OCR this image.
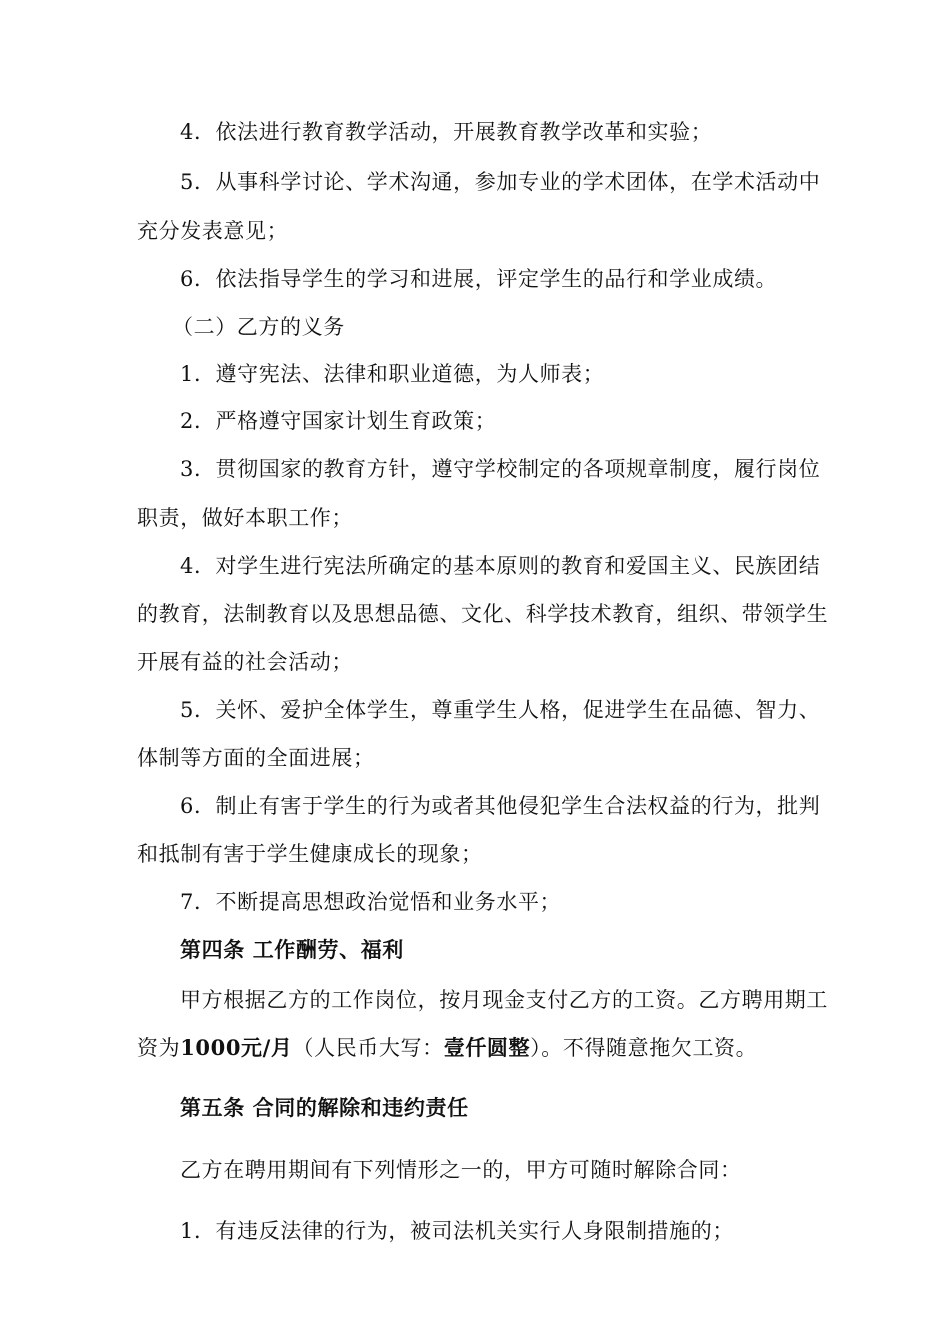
4．依法进行教育教学活动，开展教育教学改革和实验；
5．从事科学讨论、学术沟通，参加专业的学术团体，在学术活动中
充分发表意见；
6．依法指导学生的学习和进展，评定学生的品行和学业成绩。
（二）乙方的义务
1．遵守宪法、法律和职业道德，为人师表；
2．严格遵守国家计划生育政策；
3．贯彻国家的教育方针，遵守学校制定的各项规章制度，履行岗位
职责，做好本职工作；
4．对学生进行宪法所确定的基本原则的教育和爱国主义、民族团结
的教育，法制教育以及思想品德、文化、科学技术教育，组织、带领学生
开展有益的社会活动；
5．关怀、爱护全体学生，尊重学生人格，促进学生在品德、智力、
体制等方面的全面进展；
6．制止有害于学生的行为或者其他侵犯学生合法权益的行为，批判
和抵制有害于学生健康成长的现象；
7．不断提高思想政治觉悟和业务水平；
第四条 工作酬劳、福利
甲方根据乙方的工作岗位，按月现金支付乙方的工资。乙方聘用期工
资为1000元/月（人民币大写：壹仟圆整）。不得随意拖欠工资。
第五条 合同的解除和违约责任
乙方在聘用期间有下列情形之一的，甲方可随时解除合同：
1．有违反法律的行为，被司法机关实行人身限制措施的；
